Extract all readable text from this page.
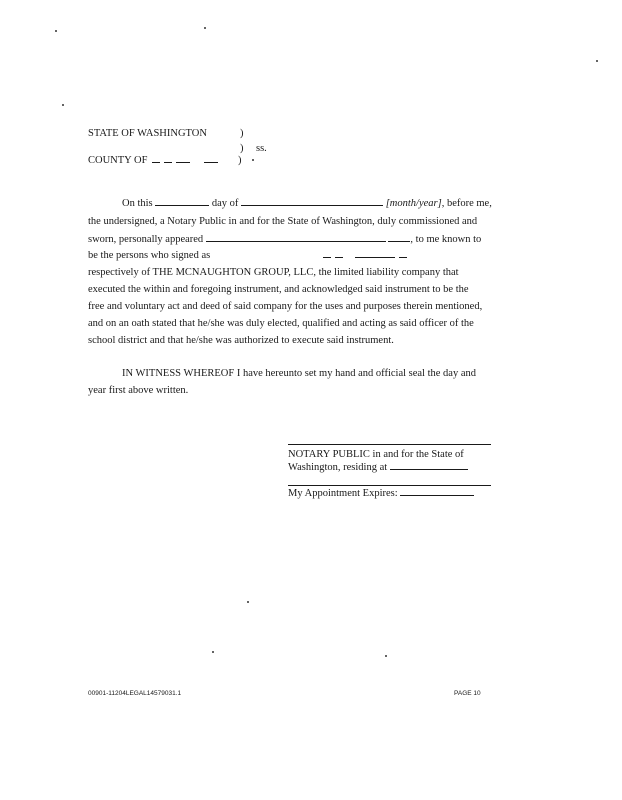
STATE OF WASHINGTON	)
) ss.
COUNTY OF	)
On this	day of	[month/year], before me,
the undersigned, a Notary Public in and for the State of Washington, duly commissioned and
sworn, personally appeared	, to me known to
be the persons who signed as
respectively of THE MCNAUGHTON GROUP, LLC, the limited liability company that
executed the within and foregoing instrument, and acknowledged said instrument to be the
free and voluntary act and deed of said company for the uses and purposes therein mentioned,
and on an oath stated that he/she was duly elected, qualified and acting as said officer of the
school district and that he/she was authorized to execute said instrument.
IN WITNESS WHEREOF I have hereunto set my hand and official seal the day and
year first above written.
NOTARY PUBLIC in and for the State of
Washington, residing at
My Appointment Expires:
00901-11204LEGAL14579031.1	PAGE 10
